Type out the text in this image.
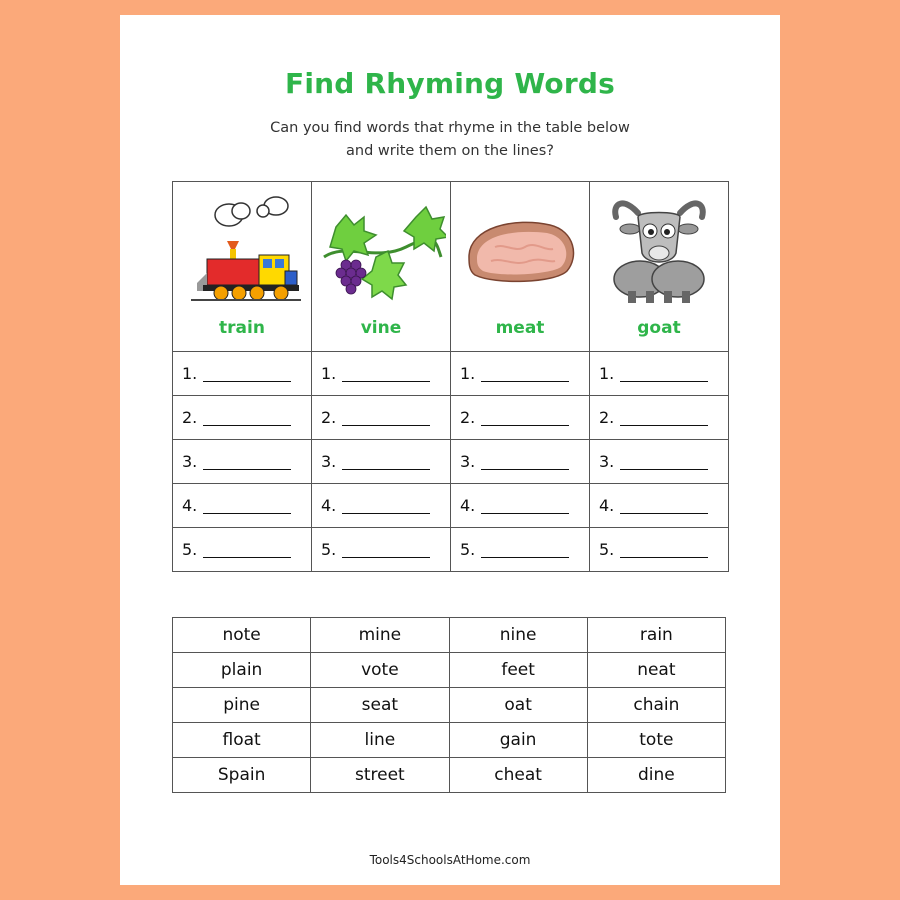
Find Rhyming Words
Can you find words that rhyme in the table below
and write them on the lines?
train	vine	meat	goat

1.	1.	1.	1.
2.	2.	2.	2.
3.	3.	3.	3.
4.	4.	4.	4.
5.	5.	5.	5.
note	mine	nine	rain
plain	vote	feet	neat
pine	seat	oat	chain
float	line	gain	tote
Spain	street	cheat	dine
Tools4SchoolsAtHome.com
